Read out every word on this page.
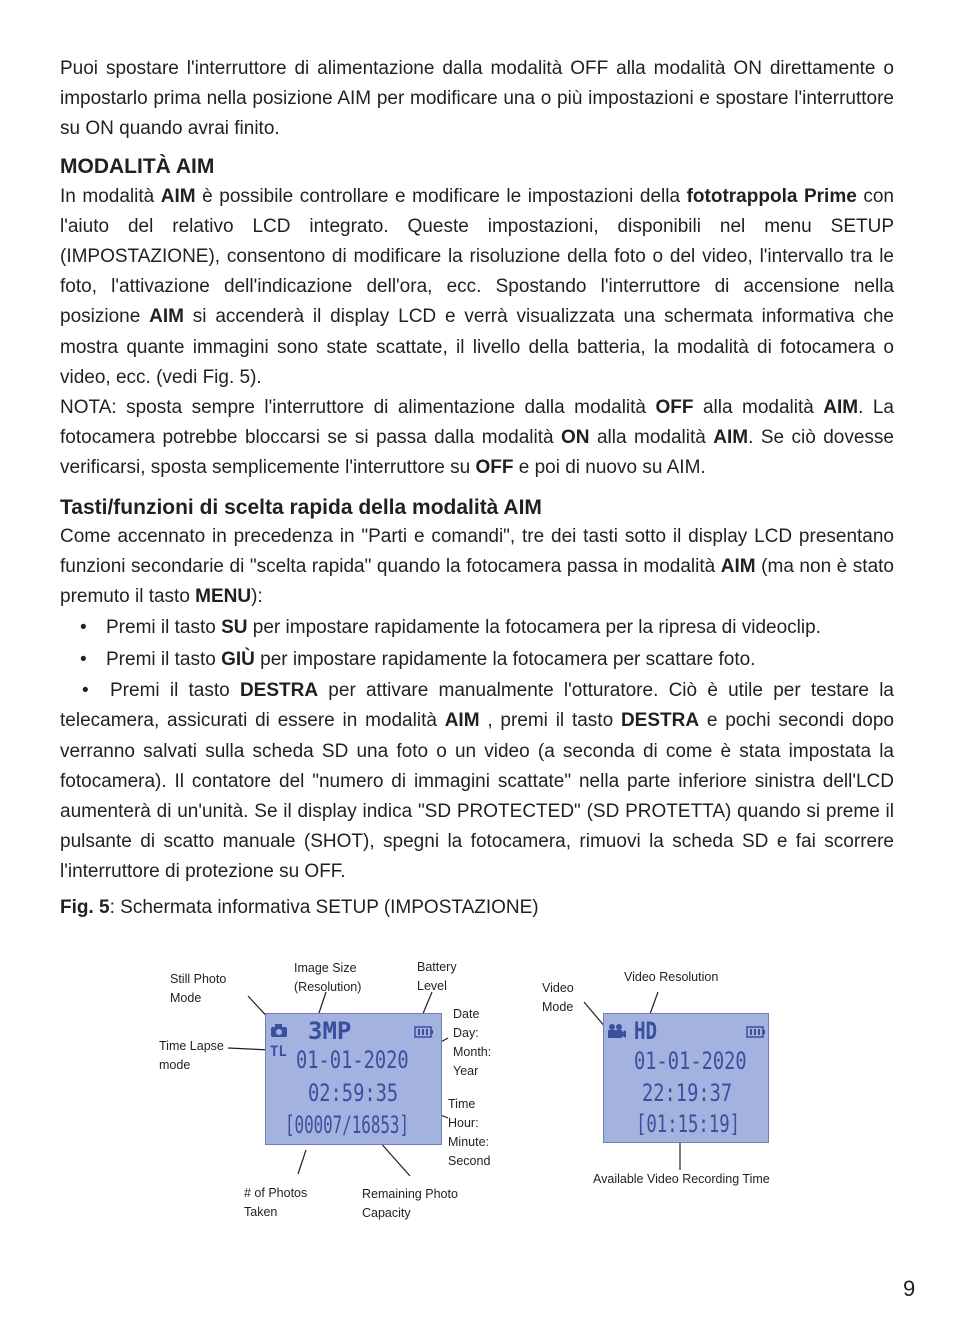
Puoi spostare l'interruttore di alimentazione dalla modalità OFF alla modalità ON direttamente o impostarlo prima nella posizione AIM per modificare una o più impostazioni e spostare l'interruttore su ON quando avrai finito.

MODALITÀ AIM

In modalità AIM è possibile controllare e modificare le impostazioni della fototrappola Prime con l'aiuto del relativo LCD integrato. Queste impostazioni, disponibili nel menu SETUP (IMPOSTAZIONE), consentono di modificare la risoluzione della foto o del video, l'intervallo tra le foto, l'attivazione dell'indicazione dell'ora, ecc. Spostando l'interruttore di accensione nella posizione AIM si accenderà il display LCD e verrà visualizzata una schermata informativa che mostra quante immagini sono state scattate, il livello della batteria, la modalità di fotocamera o video, ecc. (vedi Fig. 5).

NOTA: sposta sempre l'interruttore di alimentazione dalla modalità OFF alla modalità AIM. La fotocamera potrebbe bloccarsi se si passa dalla modalità ON alla modalità AIM. Se ciò dovesse verificarsi, sposta semplicemente l'interruttore su OFF e poi di nuovo su AIM.

Tasti/funzioni di scelta rapida della modalità AIM

Come accennato in precedenza in "Parti e comandi", tre dei tasti sotto il display LCD presentano funzioni secondarie di "scelta rapida" quando la fotocamera passa in modalità AIM (ma non è stato premuto il tasto MENU):

• Premi il tasto SU per impostare rapidamente la fotocamera per la ripresa di videoclip.
• Premi il tasto GIÙ per impostare rapidamente la fotocamera per scattare foto.

• Premi il tasto DESTRA per attivare manualmente l'otturatore. Ciò è utile per testare la telecamera, assicurati di essere in modalità AIM , premi il tasto DESTRA e pochi secondi dopo verranno salvati sulla scheda SD una foto o un video (a seconda di come è stata impostata la fotocamera). Il contatore del "numero di immagini scattate" nella parte inferiore sinistra dell'LCD aumenterà di un'unità. Se il display indica "SD PROTECTED" (SD PROTETTA) quando si preme il pulsante di scatto manuale (SHOT), spegni la fotocamera, rimuovi la scheda SD e fai scorrere l'interruttore di protezione su OFF.

Fig. 5: Schermata informativa SETUP (IMPOSTAZIONE)

3MP
TL 01-01-2020
02:59:35
[00007/16853]
HD
01-01-2020
22:19:37
[01:15:19]
Still Photo
Mode
Image Size
(Resolution)
Battery
Level
Date
Day:
Month:
Year
Time Lapse
mode
Time
Hour:
Minute:
Second
# of Photos
Taken
Remaining Photo
Capacity
Video
Mode
Video Resolution
Available Video Recording Time
9
